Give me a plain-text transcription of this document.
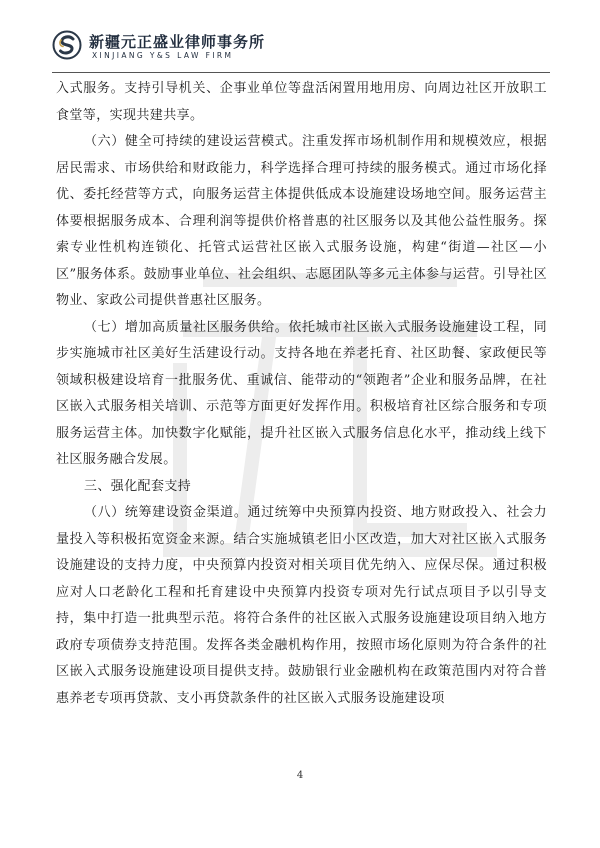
新疆元正盛业律师事务所
XINJIANG Y&S LAW FIRM

入式服务。支持引导机关、企事业单位等盘活闲置用地用房、向周边社区开放职工食堂等，实现共建共享。

（六）健全可持续的建设运营模式。注重发挥市场机制作用和规模效应，根据居民需求、市场供给和财政能力，科学选择合理可持续的服务模式。通过市场化择优、委托经营等方式，向服务运营主体提供低成本设施建设场地空间。服务运营主体要根据服务成本、合理利润等提供价格普惠的社区服务以及其他公益性服务。探索专业性机构连锁化、托管式运营社区嵌入式服务设施，构建“街道—社区—小区”服务体系。鼓励事业单位、社会组织、志愿团队等多元主体参与运营。引导社区物业、家政公司提供普惠社区服务。

（七）增加高质量社区服务供给。依托城市社区嵌入式服务设施建设工程，同步实施城市社区美好生活建设行动。支持各地在养老托育、社区助餐、家政便民等领域积极建设培育一批服务优、重诚信、能带动的“领跑者”企业和服务品牌，在社区嵌入式服务相关培训、示范等方面更好发挥作用。积极培育社区综合服务和专项服务运营主体。加快数字化赋能，提升社区嵌入式服务信息化水平，推动线上线下社区服务融合发展。

三、强化配套支持

（八）统筹建设资金渠道。通过统筹中央预算内投资、地方财政投入、社会力量投入等积极拓宽资金来源。结合实施城镇老旧小区改造，加大对社区嵌入式服务设施建设的支持力度，中央预算内投资对相关项目优先纳入、应保尽保。通过积极应对人口老龄化工程和托育建设中央预算内投资专项对先行试点项目予以引导支持，集中打造一批典型示范。将符合条件的社区嵌入式服务设施建设项目纳入地方政府专项债券支持范围。发挥各类金融机构作用，按照市场化原则为符合条件的社区嵌入式服务设施建设项目提供支持。鼓励银行业金融机构在政策范围内对符合普惠养老专项再贷款、支小再贷款条件的社区嵌入式服务设施建设项

4
